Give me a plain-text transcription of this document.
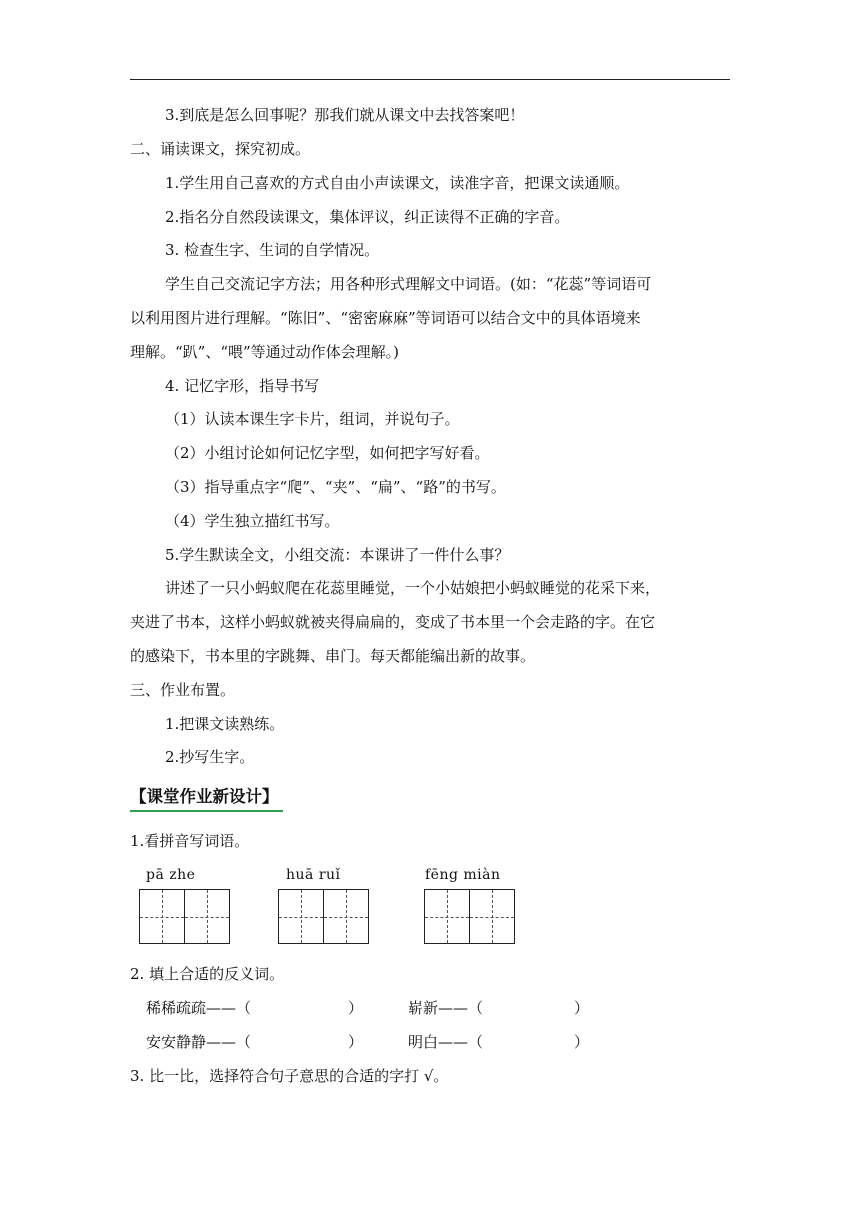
3.到底是怎么回事呢？那我们就从课文中去找答案吧！
二、诵读课文，探究初成。
1.学生用自己喜欢的方式自由小声读课文，读准字音，把课文读通顺。
2.指名分自然段读课文，集体评议，纠正读得不正确的字音。
3. 检查生字、生词的自学情况。
学生自己交流记字方法；用各种形式理解文中词语。(如：“花蕊”等词语可
以利用图片进行理解。“陈旧”、“密密麻麻”等词语可以结合文中的具体语境来
理解。“趴”、“喂”等通过动作体会理解。)
4. 记忆字形，指导书写
（1）认读本课生字卡片，组词，并说句子。
（2）小组讨论如何记忆字型，如何把字写好看。
（3）指导重点字“爬”、“夹”、“扁”、“路”的书写。
（4）学生独立描红书写。
5.学生默读全文，小组交流：本课讲了一件什么事？
讲述了一只小蚂蚁爬在花蕊里睡觉，一个小姑娘把小蚂蚁睡觉的花采下来，
夹进了书本，这样小蚂蚁就被夹得扁扁的，变成了书本里一个会走路的字。在它
的感染下，书本里的字跳舞、串门。每天都能编出新的故事。
三、作业布置。
1.把课文读熟练。
2.抄写生字。
【课堂作业新设计】
1.看拼音写词语。
pā zhe	huā ruǐ	fēng miàn
2. 填上合适的反义词。
稀稀疏疏——（	）	崭新——（	）
安安静静——（	）	明白——（	）
3. 比一比，选择符合句子意思的合适的字打 √。
